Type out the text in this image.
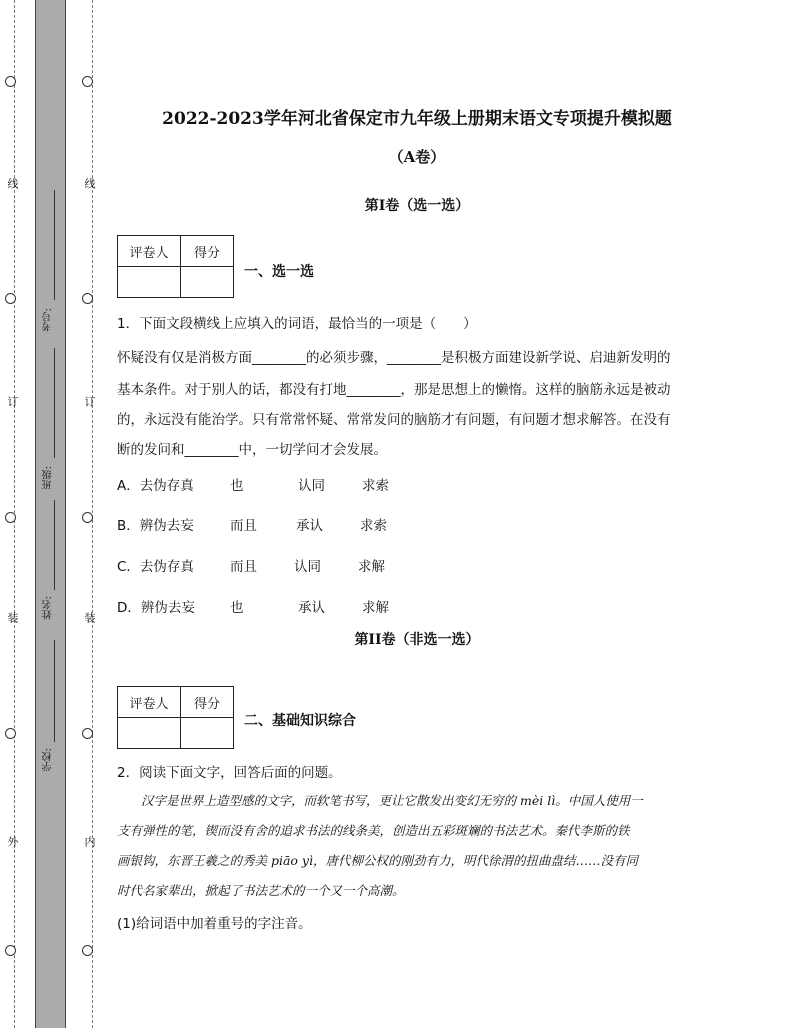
线
订
装
外
线
订
装
内
考号:
班级:
姓名:
学校:
2022-2023学年河北省保定市九年级上册期末语文专项提升模拟题
（A卷）
第I卷（选一选）
评卷人	得分

一、选一选
1．下面文段横线上应填入的词语，最恰当的一项是（　　）
怀疑没有仅是消极方面________的必须步骤，________是积极方面建设新学说、启迪新发明的
基本条件。对于别人的话，都没有打地________，那是思想上的懒惰。这样的脑筋永远是被动
的，永远没有能治学。只有常常怀疑、常常发问的脑筋才有问题，有问题才想求解答。在没有
断的发问和________中，一切学问才会发展。
A．去伪存真	也	认同	求索
B．辨伪去妄	而且	承认	求索
C．去伪存真	而且	认同	求解
D．辨伪去妄	也	承认	求解
第II卷（非选一选）
评卷人	得分

二、基础知识综合
2．阅读下面文字，回答后面的问题。
汉字是世界上造型感的文字，而软笔书写，更让它散发出变幻无穷的 mèi lì。中国人使用一
支有弹性的笔，锲而没有舍的追求书法的线条美，创造出五彩斑斓的书法艺术。秦代李斯的铁
画银钩，东晋王羲之的秀美 piāo yì，唐代柳公权的刚劲有力，明代徐渭的扭曲盘结……没有同
时代名家辈出，掀起了书法艺术的一个又一个高潮。
(1)给词语中加着重号的字注音。
